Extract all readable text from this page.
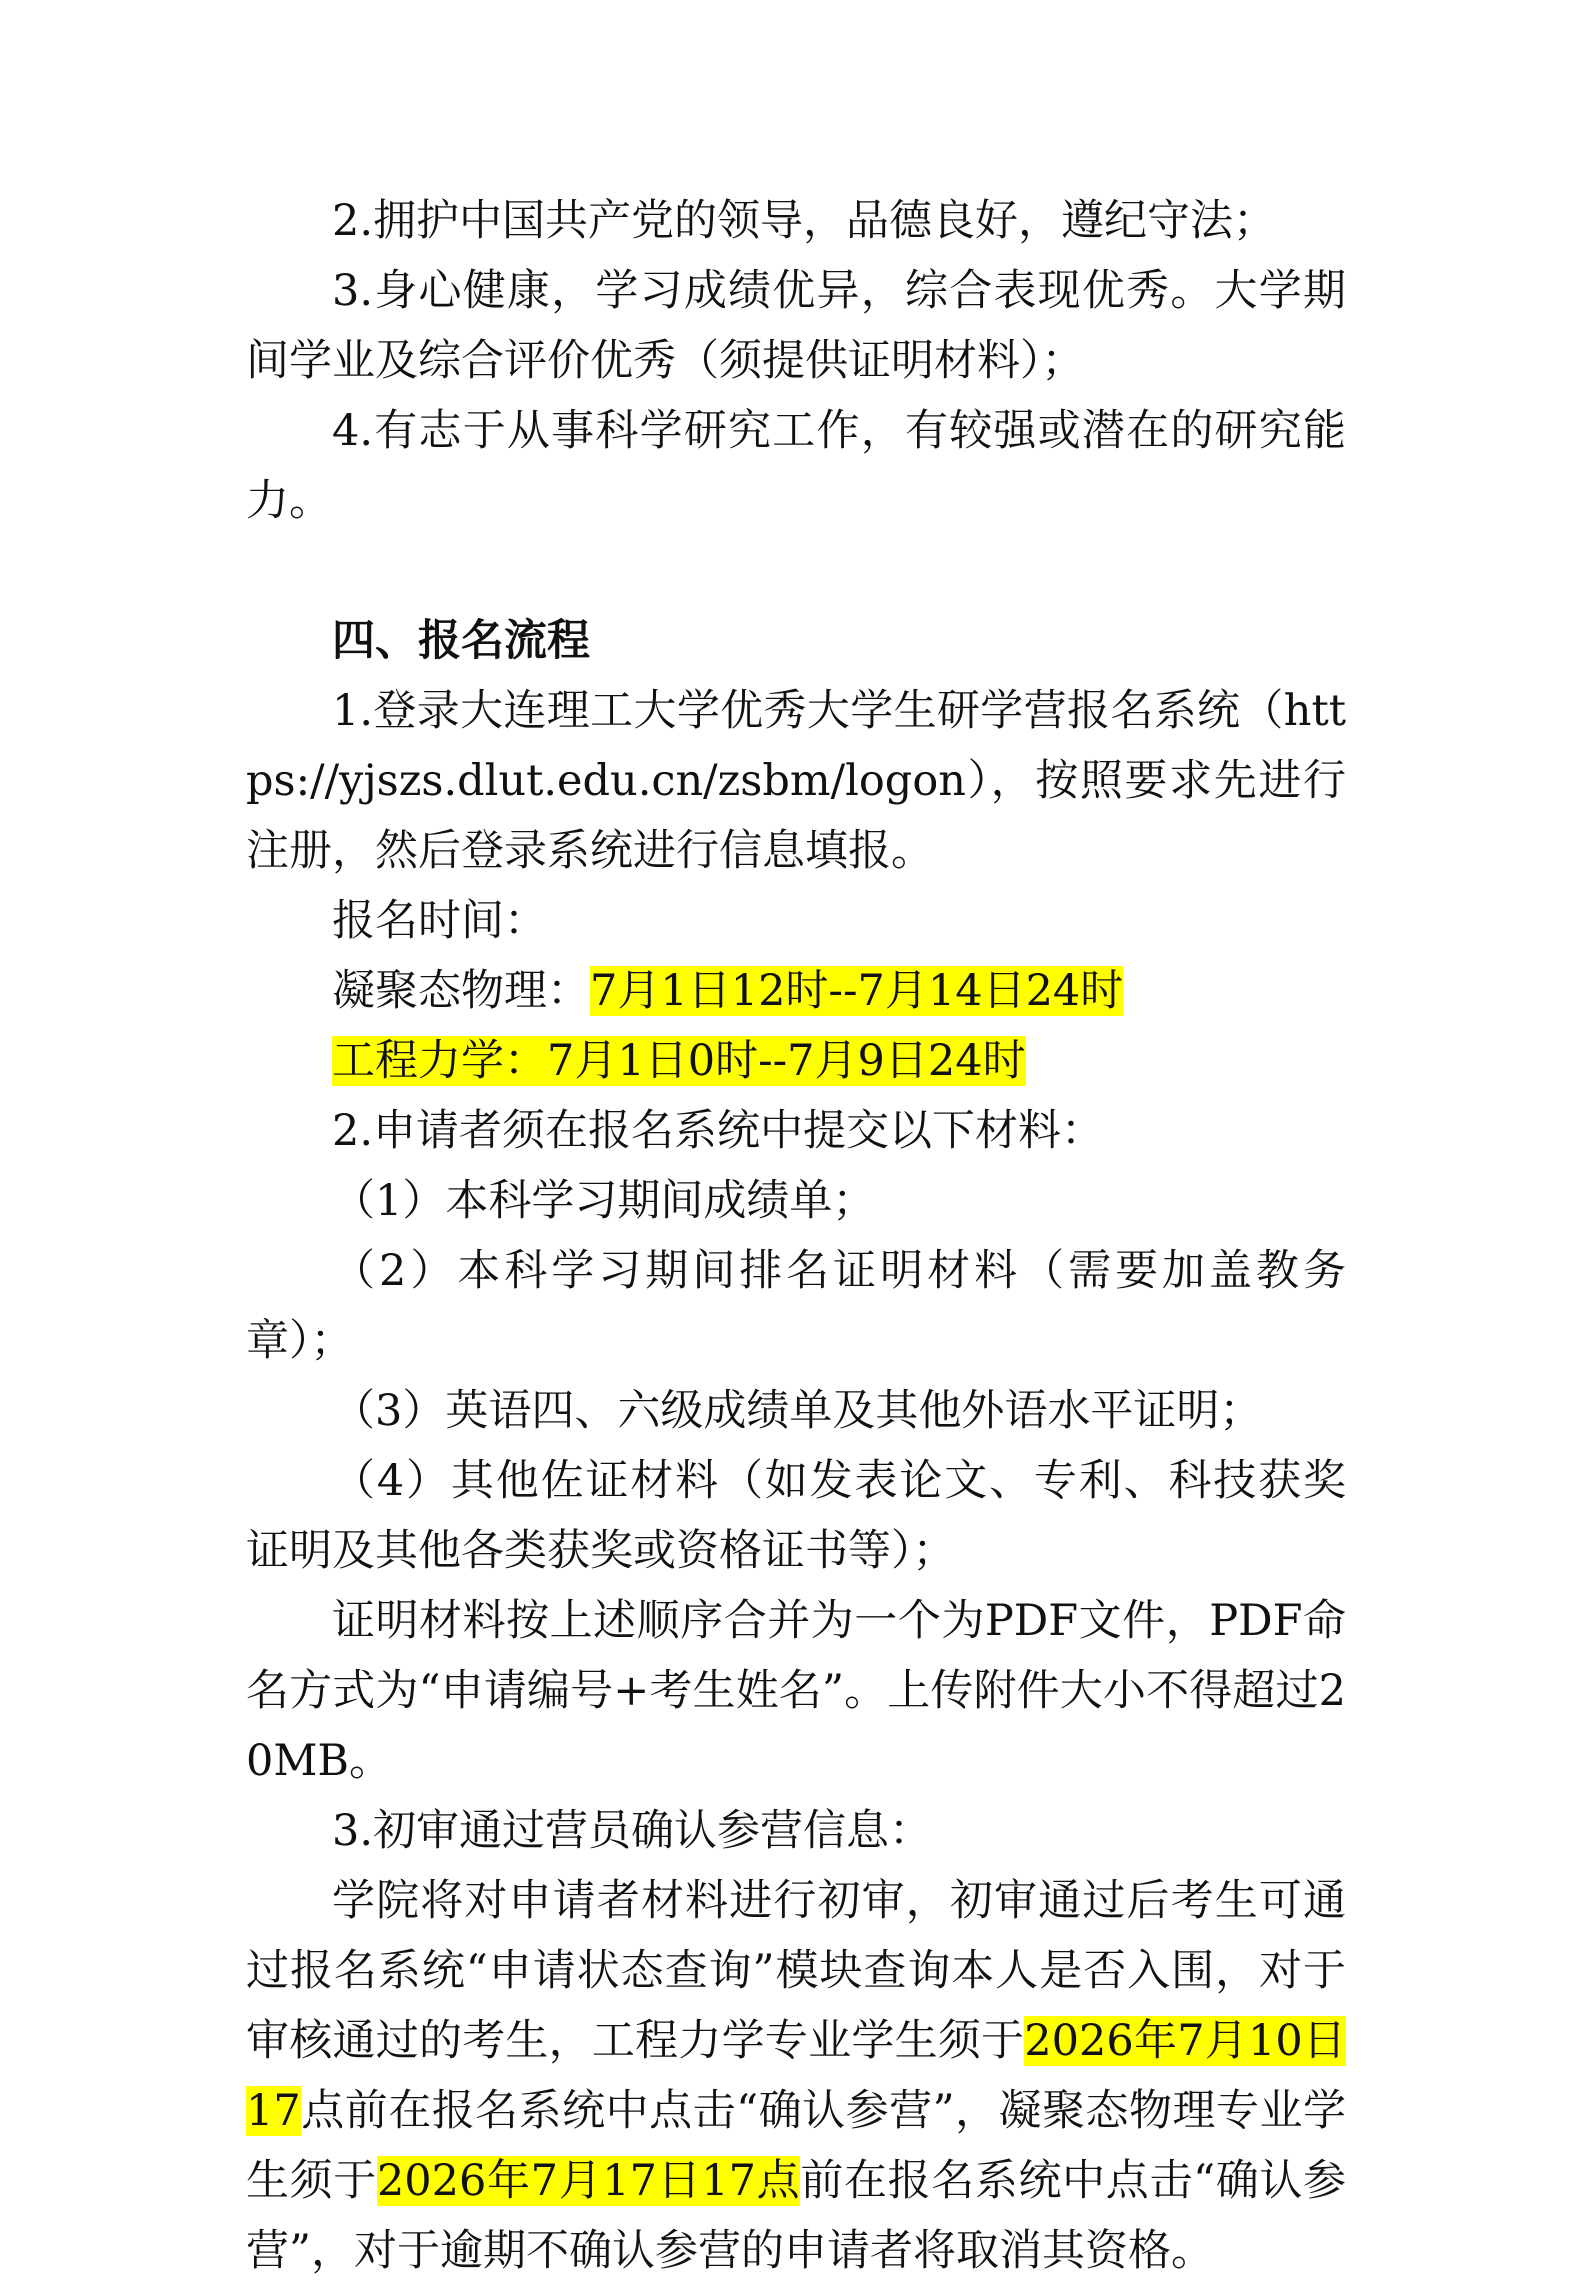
2.拥护中国共产党的领导，品德良好，遵纪守法；

3.身心健康，学习成绩优异，综合表现优秀。大学期间学业及综合评价优秀（须提供证明材料）；

4.有志于从事科学研究工作，有较强或潜在的研究能力。

四、报名流程

1.登录大连理工大学优秀大学生研学营报名系统（https://yjszs.dlut.edu.cn/zsbm/logon），按照要求先进行注册，然后登录系统进行信息填报。

报名时间：

凝聚态物理：7月1日12时--7月14日24时

工程力学：7月1日0时--7月9日24时

2.申请者须在报名系统中提交以下材料：

（1）本科学习期间成绩单；

（2）本科学习期间排名证明材料（需要加盖教务章）；

（3）英语四、六级成绩单及其他外语水平证明；

（4）其他佐证材料（如发表论文、专利、科技获奖证明及其他各类获奖或资格证书等）；

证明材料按上述顺序合并为一个为PDF文件，PDF命名方式为“申请编号+考生姓名”。上传附件大小不得超过20MB。

3.初审通过营员确认参营信息：

学院将对申请者材料进行初审，初审通过后考生可通过报名系统“申请状态查询”模块查询本人是否入围，对于审核通过的考生，工程力学专业学生须于2026年7月10日17点前在报名系统中点击“确认参营”，凝聚态物理专业学生须于2026年7月17日17点前在报名系统中点击“确认参营”，对于逾期不确认参营的申请者将取消其资格。
